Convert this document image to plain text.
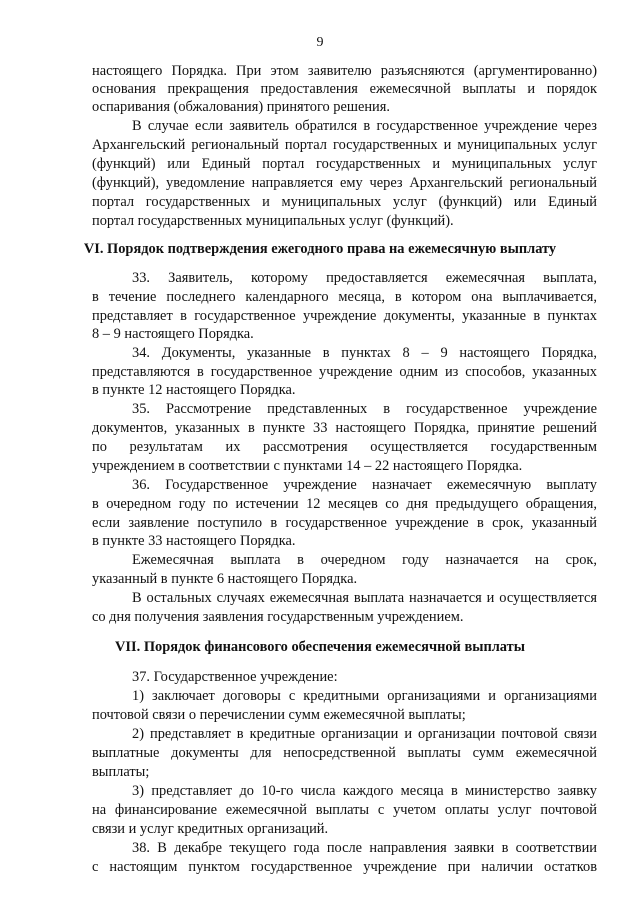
9
настоящего Порядка. При этом заявителю разъясняются (аргументированно)
основания прекращения предоставления ежемесячной выплаты и порядок
оспаривания (обжалования) принятого решения.
В случае если заявитель обратился в государственное учреждение через
Архангельский региональный портал государственных и муниципальных услуг
(функций) или Единый портал государственных и муниципальных услуг
(функций), уведомление направляется ему через Архангельский региональный
портал государственных и муниципальных услуг (функций) или Единый
портал государственных муниципальных услуг (функций).
VI. Порядок подтверждения ежегодного права на ежемесячную выплату
33. Заявитель, которому предоставляется ежемесячная выплата,
в течение последнего календарного месяца, в котором она выплачивается,
представляет в государственное учреждение документы, указанные в пунктах
8 – 9 настоящего Порядка.
34. Документы, указанные в пунктах 8 – 9 настоящего Порядка,
представляются в государственное учреждение одним из способов, указанных
в пункте 12 настоящего Порядка.
35. Рассмотрение представленных в государственное учреждение
документов, указанных в пункте 33 настоящего Порядка, принятие решений
по результатам их рассмотрения осуществляется государственным
учреждением в соответствии с пунктами 14 – 22 настоящего Порядка.
36. Государственное учреждение назначает ежемесячную выплату
в очередном году по истечении 12 месяцев со дня предыдущего обращения,
если заявление поступило в государственное учреждение в срок, указанный
в пункте 33 настоящего Порядка.
Ежемесячная выплата в очередном году назначается на срок,
указанный в пункте 6 настоящего Порядка.
В остальных случаях ежемесячная выплата назначается и осуществляется
со дня получения заявления государственным учреждением.
VII. Порядок финансового обеспечения ежемесячной выплаты
37. Государственное учреждение:
1) заключает договоры с кредитными организациями и организациями
почтовой связи о перечислении сумм ежемесячной выплаты;
2) представляет в кредитные организации и организации почтовой связи
выплатные документы для непосредственной выплаты сумм ежемесячной
выплаты;
3) представляет до 10-го числа каждого месяца в министерство заявку
на финансирование ежемесячной выплаты с учетом оплаты услуг почтовой
связи и услуг кредитных организаций.
38. В декабре текущего года после направления заявки в соответствии
с настоящим пунктом государственное учреждение при наличии остатков
